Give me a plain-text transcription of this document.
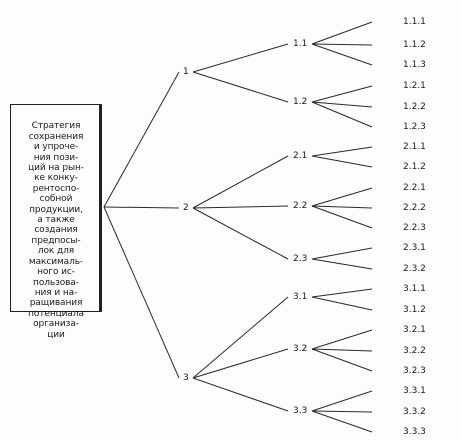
Стратегия
сохранения
и упроче-
ния пози-
ций на рын-
ке конку-
рентоспо-
собной
продукции,
а также
создания
предпосы-
лок для
максималь-
ного ис-
пользова-
ния и на-
ращивания
потенциала
организа-
ции

1
1.1
1.1.1
1.1.2
1.1.3
1.2
1.2.1
1.2.2
1.2.3
2
2.1
2.1.1
2.1.2
2.2
2.2.1
2.2.2
2.2.3
2.3
2.3.1
2.3.2
3
3.1
3.1.1
3.1.2
3.2
3.2.1
3.2.2
3.2.3
3.3
3.3.1
3.3.2
3.3.3
